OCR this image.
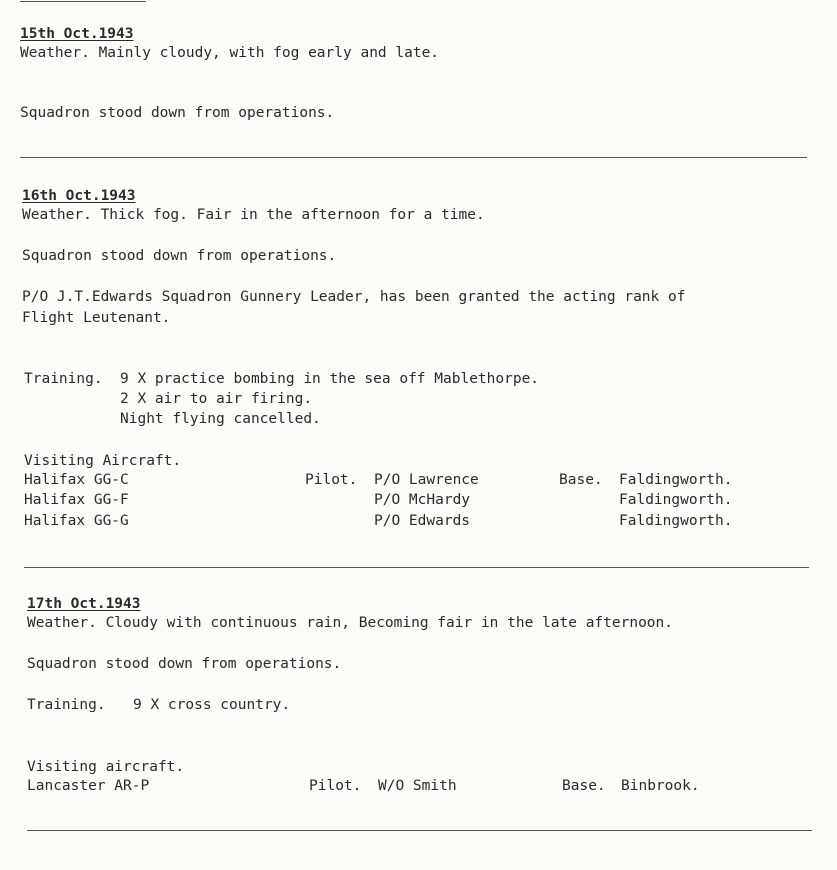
15th Oct.1943
Weather. Mainly cloudy, with fog early and late.
Squadron stood down from operations.
16th Oct.1943
Weather. Thick fog. Fair in the afternoon for a time.
Squadron stood down from operations.
P/O J.T.Edwards Squadron Gunnery Leader, has been granted the acting rank of
Flight Leutenant.
Training. 9 X practice bombing in the sea off Mablethorpe.
2 X air to air firing.
Night flying cancelled.
Visiting Aircraft.
Halifax GG-C	Pilot. P/O Lawrence	Base. Faldingworth.
Halifax GG-F	P/O McHardy	Faldingworth.
Halifax GG-G	P/O Edwards	Faldingworth.
17th Oct.1943
Weather. Cloudy with continuous rain, Becoming fair in the late afternoon.
Squadron stood down from operations.
Training. 9 X cross country.
Visiting aircraft.
Lancaster AR-P	Pilot. W/O Smith	Base. Binbrook.
